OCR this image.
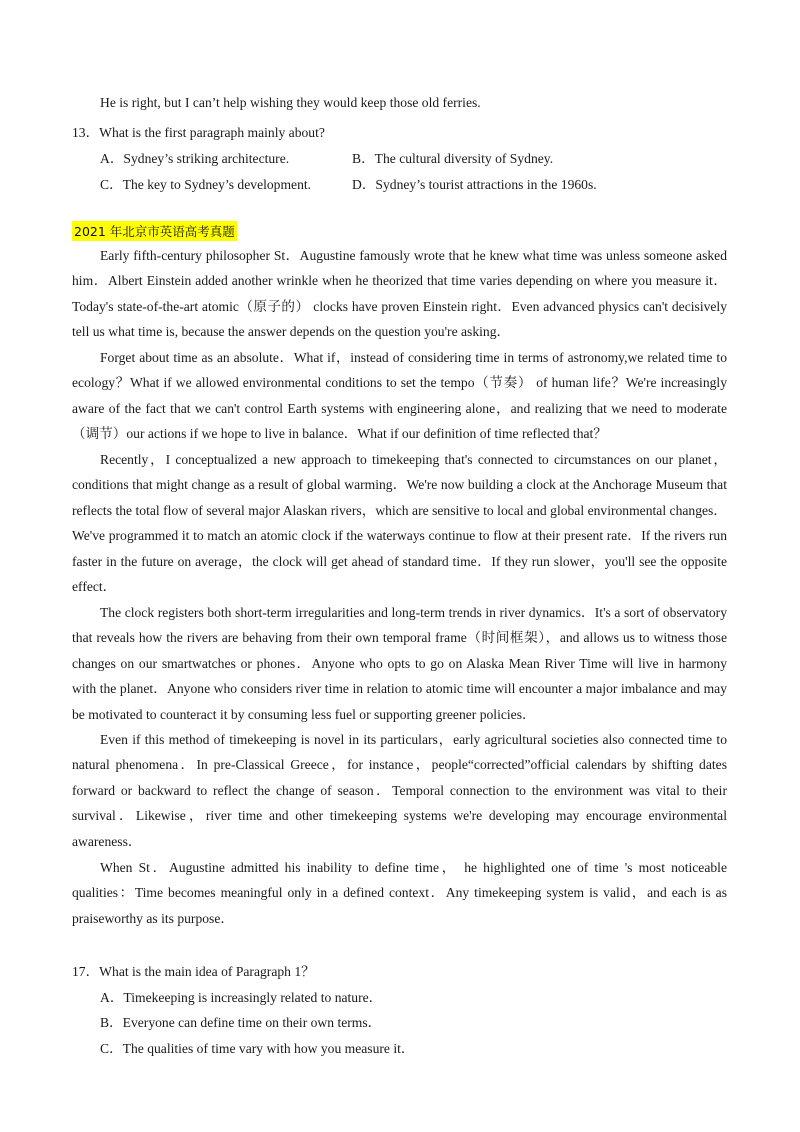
He is right, but I can’t help wishing they would keep those old ferries.
13．What is the first paragraph mainly about?
A．Sydney’s striking architecture.	B．The cultural diversity of Sydney.
C．The key to Sydney’s development.	D．Sydney’s tourist attractions in the 1960s.
2021 年北京市英语高考真题
Early fifth-century philosopher St．Augustine famously wrote that he knew what time was unless someone asked him．Albert Einstein added another wrinkle when he theorized that time varies depending on where you measure it．Today's state-of-the-art atomic（原子的） clocks have proven Einstein right．Even advanced physics can't decisively tell us what time is, because the answer depends on the question you're asking．
Forget about time as an absolute．What if，instead of considering time in terms of astronomy,we related time to ecology？What if we allowed environmental conditions to set the tempo（节奏） of human life？We're increasingly aware of the fact that we can't control Earth systems with engineering alone，and realizing that we need to moderate（调节）our actions if we hope to live in balance．What if our definition of time reflected that？
Recently，I conceptualized a new approach to timekeeping that's connected to circumstances on our planet，conditions that might change as a result of global warming．We're now building a clock at the Anchorage Museum that reflects the total flow of several major Alaskan rivers，which are sensitive to local and global environmental changes．We've programmed it to match an atomic clock if the waterways continue to flow at their present rate．If the rivers run faster in the future on average，the clock will get ahead of standard time．If they run slower，you'll see the opposite effect．
The clock registers both short-term irregularities and long-term trends in river dynamics．It's a sort of observatory that reveals how the rivers are behaving from their own temporal frame（时间框架），and allows us to witness those changes on our smartwatches or phones．Anyone who opts to go on Alaska Mean River Time will live in harmony with the planet．Anyone who considers river time in relation to atomic time will encounter a major imbalance and may be motivated to counteract it by consuming less fuel or supporting greener policies．
Even if this method of timekeeping is novel in its particulars，early agricultural societies also connected time to natural phenomena．In pre-Classical Greece，for instance，people“corrected”official calendars by shifting dates forward or backward to reflect the change of season．Temporal connection to the environment was vital to their survival．Likewise，river time and other timekeeping systems we're developing may encourage environmental awareness．
When St．Augustine admitted his inability to define time， he highlighted one of time 's most noticeable qualities：Time becomes meaningful only in a defined context．Any timekeeping system is valid，and each is as praiseworthy as its purpose．
17．What is the main idea of Paragraph 1？
A．Timekeeping is increasingly related to nature．
B．Everyone can define time on their own terms．
C．The qualities of time vary with how you measure it．
